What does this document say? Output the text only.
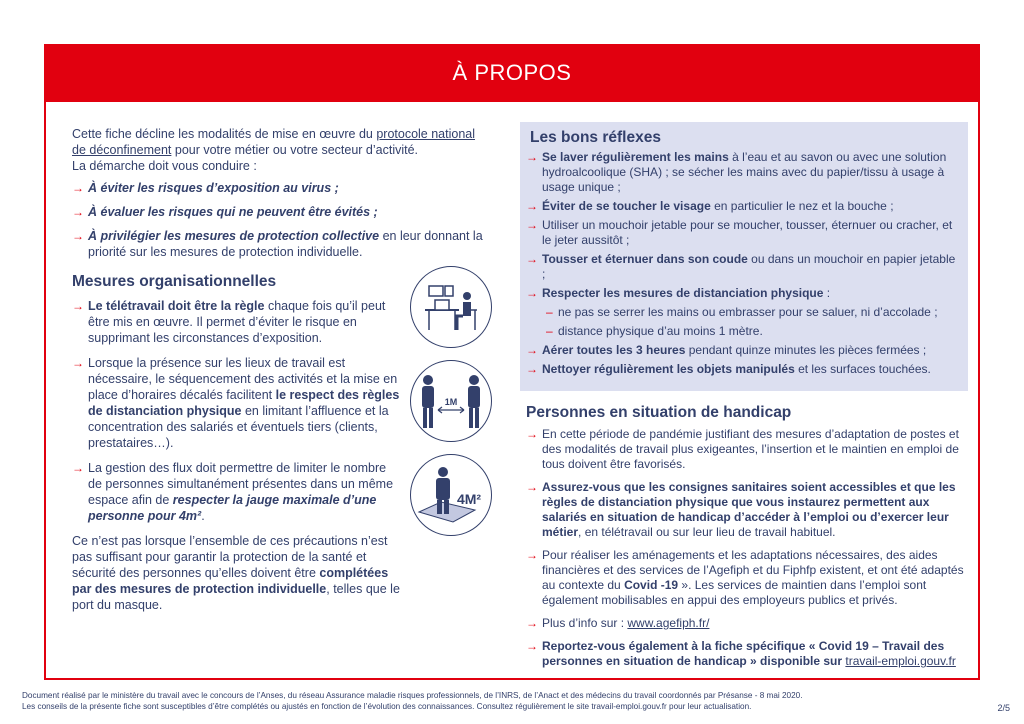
À PROPOS

Cette fiche décline les modalités de mise en œuvre du protocole national de déconfinement pour votre métier ou votre secteur d’activité.
La démarche doit vous conduire :

→ À éviter les risques d’exposition au virus ;
→ À évaluer les risques qui ne peuvent être évités ;
→ À privilégier les mesures de protection collective en leur donnant la priorité sur les mesures de protection individuelle.
Mesures organisationnelles
→ Le télétravail doit être la règle chaque fois qu’il peut être mis en œuvre. Il permet d’éviter le risque en supprimant les circonstances d’exposition.
→ Lorsque la présence sur les lieux de travail est nécessaire, le séquencement des activités et la mise en place d’horaires décalés facilitent le respect des règles de distanciation physique en limitant l’affluence et la concentration des salariés et éventuels tiers (clients, prestataires…).
→ La gestion des flux doit permettre de limiter le nombre de personnes simultanément présentes dans un même espace afin de respecter la jauge maximale d’une personne pour 4m².

Ce n’est pas lorsque l’ensemble de ces précautions n’est pas suffisant pour garantir la protection de la santé et sécurité des personnes qu’elles doivent être complétées par des mesures de protection individuelle, telles que le port du masque.

1M
4M²
Les bons réflexes
→ Se laver régulièrement les mains à l’eau et au savon ou avec une solution hydroalcoolique (SHA) ; se sécher les mains avec du papier/tissu à usage à usage unique ;
→ Éviter de se toucher le visage en particulier le nez et la bouche ;
→ Utiliser un mouchoir jetable pour se moucher, tousser, éternuer ou cracher, et le jeter aussitôt ;
→ Tousser et éternuer dans son coude ou dans un mouchoir en papier jetable ;
→ Respecter les mesures de distanciation physique :
– ne pas se serrer les mains ou embrasser pour se saluer, ni d’accolade ;
– distance physique d’au moins 1 mètre.
→ Aérer toutes les 3 heures pendant quinze minutes les pièces fermées ;
→ Nettoyer régulièrement les objets manipulés et les surfaces touchées.
Personnes en situation de handicap
→ En cette période de pandémie justifiant des mesures d’adaptation de postes et des modalités de travail plus exigeantes, l’insertion et le maintien en emploi de tous doivent être favorisés.
→ Assurez-vous que les consignes sanitaires soient accessibles et que les règles de distanciation physique que vous instaurez permettent aux salariés en situation de handicap d’accéder à l’emploi ou d’exercer leur métier, en télétravail ou sur leur lieu de travail habituel.
→ Pour réaliser les aménagements et les adaptations nécessaires, des aides financières et des services de l’Agefiph et du Fiphfp existent, et ont été adaptés au contexte du Covid -19 ». Les services de maintien dans l’emploi sont également mobilisables en appui des employeurs publics et privés.
→ Plus d’info sur : www.agefiph.fr/
→ Reportez-vous également à la fiche spécifique « Covid 19 – Travail des personnes en situation de handicap » disponible sur travail-emploi.gouv.fr
Document réalisé par le ministère du travail avec le concours de l’Anses, du réseau Assurance maladie risques professionnels, de l’INRS, de l’Anact et des médecins du travail coordonnés par Présanse - 8 mai 2020.
Les conseils de la présente fiche sont susceptibles d’être complétés ou ajustés en fonction de l’évolution des connaissances. Consultez régulièrement le site travail-emploi.gouv.fr pour leur actualisation.	2/5
